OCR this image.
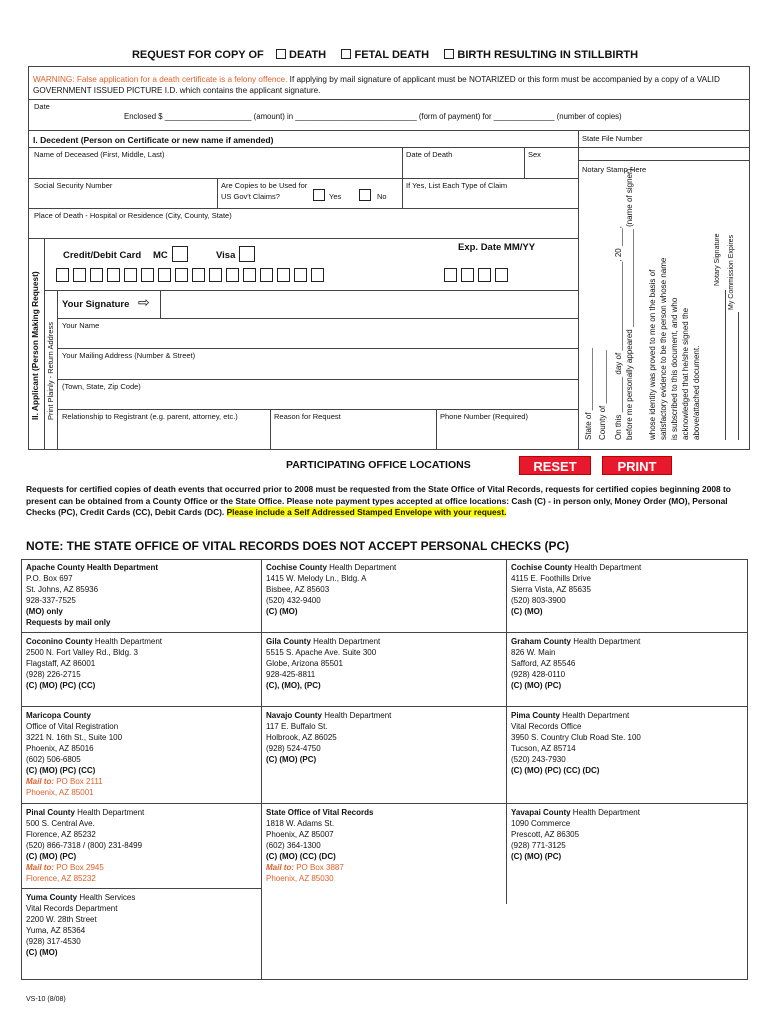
REQUEST FOR COPY OF DEATH	FETAL DEATH	BIRTH RESULTING IN STILLBIRTH
WARNING: False application for a death certificate is a felony offence. If applying by mail signature of applicant must be NOTARIZED or this form must be accompanied by a copy of a VALID GOVERNMENT ISSUED PICTURE I.D. which contains the applicant signature.
Date
Enclosed $ ____________________ (amount) in ____________________________ (form of payment) for ______________ (number of copies)
I. Decedent (Person on Certificate or new name if amended)	State File Number
Name of Deceased (First, Middle, Last)	Date of Death	Sex
Notary Stamp Here
Social Security Number	Are Copies to be Used for
US Gov't Claims?	Yes	No
If Yes, List Each Type of Claim
Place of Death - Hospital or Residence (City, County, State)
II. Applicant (Person Making Request) Print Plainly - Return Address
Credit/Debit Card MC	Visa
Exp. Date MM/YY
Your Signature ⇨
Your Name
Your Mailing Address (Number & Street)
(Town, State, Zip Code)
Relationship to Registrant (e.g. parent, attorney, etc.)	Reason for Request	Phone Number (Required)	State of ______________ County of ____________ On this ________ day of ____________________, 20 ____, before me personally appeared ______________________ (name of signer), whose identity was proved to me on the basis of satisfactory evidence to be the person whose name is subscribed to this document, and who acknowledged that he/she signed the above/attached document.
Notary Signature My Commission Expires
PARTICIPATING OFFICE LOCATIONS	RESET	PRINT
Requests for certified copies of death events that occurred prior to 2008 must be requested from the State Office of Vital Records, requests for certified copies beginning 2008 to present can be obtained from a County Office or the State Office. Please note payment types accepted at office locations: Cash (C) - in person only, Money Order (MO), Personal Checks (PC), Credit Cards (CC), Debit Cards (DC). Please include a Self Addressed Stamped Envelope with your request.
NOTE: THE STATE OFFICE OF VITAL RECORDS DOES NOT ACCEPT PERSONAL CHECKS (PC)
Apache County Health Department
P.O. Box 697
St. Johns, AZ 85936
928-337-7525
(MO) only
Requests by mail only
Cochise County Health Department
1415 W. Melody Ln., Bldg. A
Bisbee, AZ 85603
(520) 432-9400
(C) (MO)
Cochise County Health Department
4115 E. Foothills Drive
Sierra Vista, AZ 85635
(520) 803-3900
(C) (MO)
Coconino County Health Department
2500 N. Fort Valley Rd., Bldg. 3
Flagstaff, AZ 86001
(928) 226-2715
(C) (MO) (PC) (CC)
Gila County Health Department
5515 S. Apache Ave. Suite 300
Globe, Arizona 85501
928-425-8811
(C), (MO), (PC)
Graham County Health Department
826 W. Main
Safford, AZ 85546
(928) 428-0110
(C) (MO) (PC)
Maricopa County
Office of Vital Registration
3221 N. 16th St., Suite 100
Phoenix, AZ 85016
(602) 506-6805
(C) (MO) (PC) (CC)
Mail to: PO Box 2111
Phoenix, AZ 85001
Navajo County Health Department
117 E. Buffalo St.
Holbrook, AZ 86025
(928) 524-4750
(C) (MO) (PC)
Pima County Health Department
Vital Records Office
3950 S. Country Club Road Ste. 100
Tucson, AZ 85714
(520) 243-7930
(C) (MO) (PC) (CC) (DC)
Pinal County Health Department
500 S. Central Ave.
Florence, AZ 85232
(520) 866-7318 / (800) 231-8499
(C) (MO) (PC)
Mail to: PO Box 2945
Florence, AZ 85232
State Office of Vital Records
1818 W. Adams St.
Phoenix, AZ 85007
(602) 364-1300
(C) (MO) (CC) (DC)
Mail to: PO Box 3887
Phoenix, AZ 85030
Yavapai County Health Department
1090 Commerce
Prescott, AZ 86305
(928) 771-3125
(C) (MO) (PC)
Yuma County Health Services
Vital Records Department
2200 W. 28th Street
Yuma, AZ 85364
(928) 317-4530
(C) (MO)
VS-10 (8/08)
